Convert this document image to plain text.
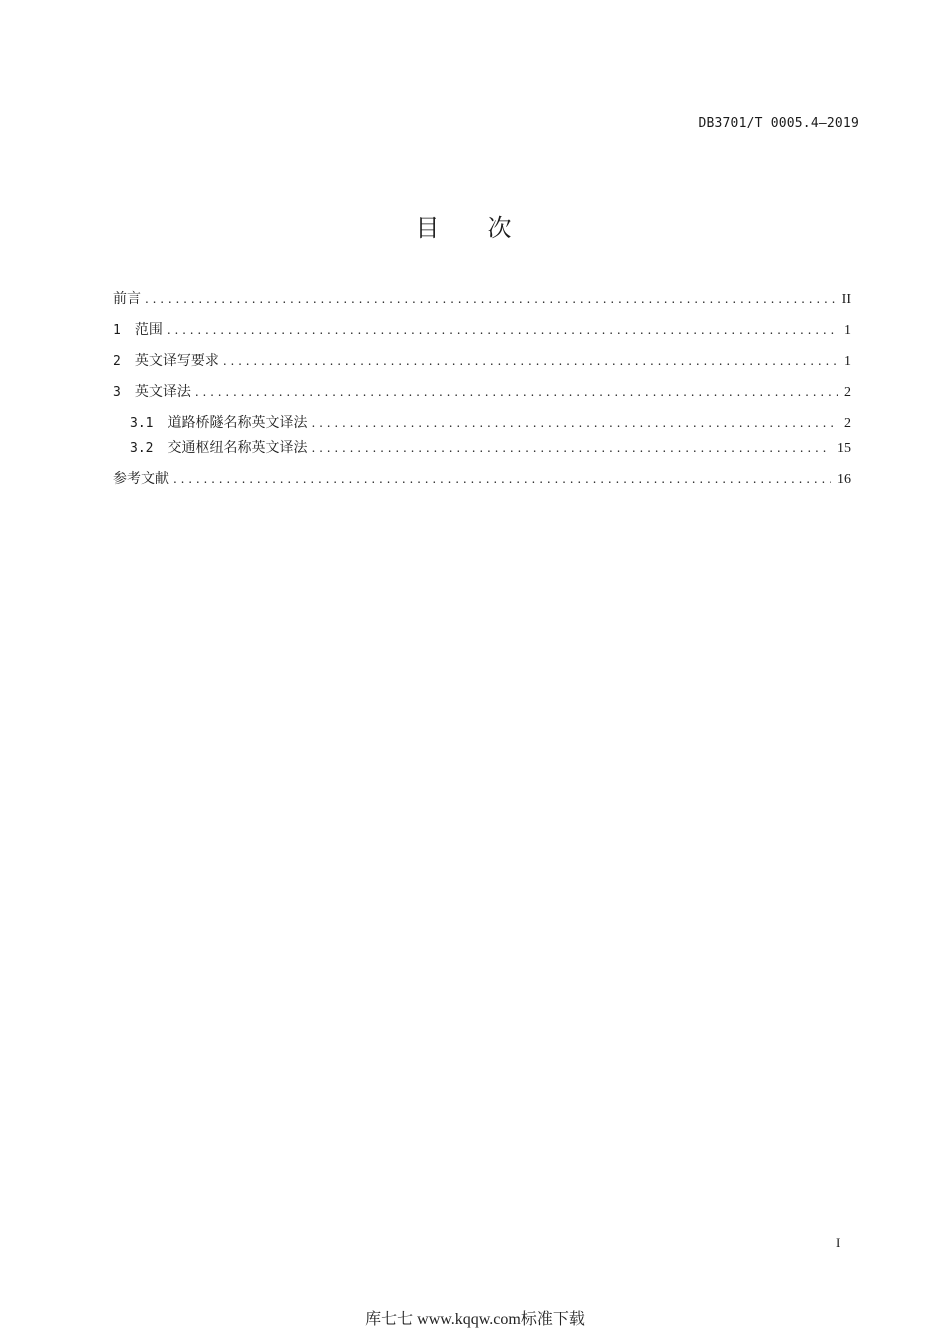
DB3701/T 0005.4—2019
目次
前言 . . .	II
1 范围 . . .	1
2 英文译写要求 . . .	1
3 英文译法 . . .	2
3.1 道路桥隧名称英文译法 . . .	2
3.2 交通枢纽名称英文译法 . . .	15
参考文献 . . .	16
I
库七七 www.kqqw.com标准下载
